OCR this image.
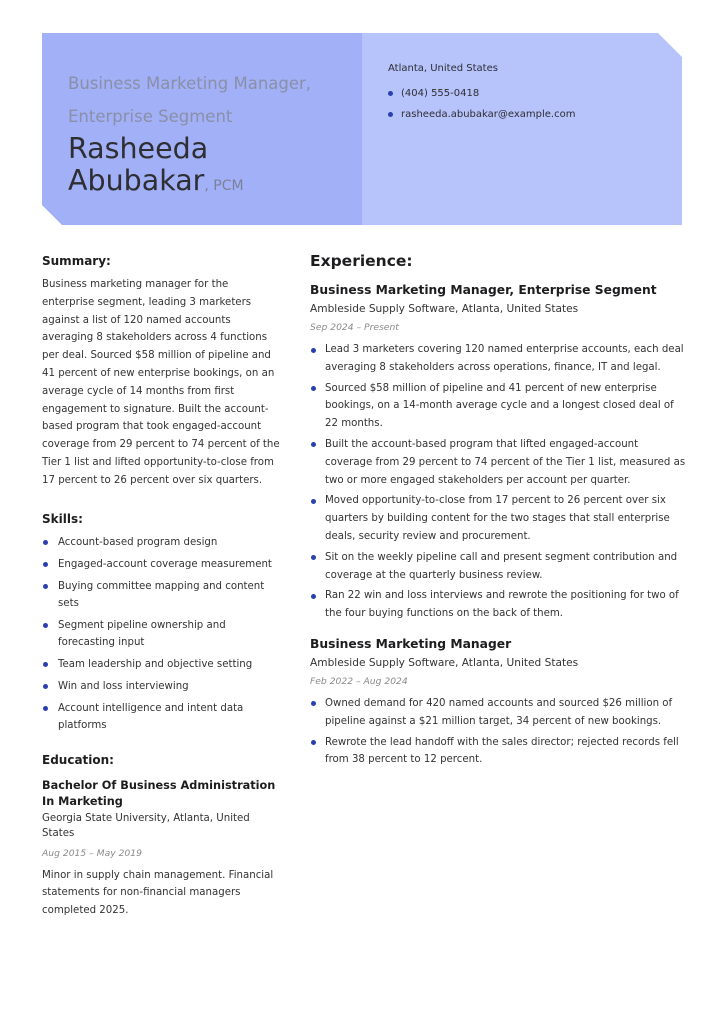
Business Marketing Manager, Enterprise Segment
Rasheeda
Abubakar, PCM
Atlanta, United States
(404) 555-0418
rasheeda.abubakar@example.com
Summary:

Business marketing manager for the enterprise segment, leading 3 marketers against a list of 120 named accounts averaging 8 stakeholders across 4 functions per deal. Sourced $58 million of pipeline and 41 percent of new enterprise bookings, on an average cycle of 14 months from first engagement to signature. Built the account-based program that took engaged-account coverage from 29 percent to 74 percent of the Tier 1 list and lifted opportunity-to-close from 17 percent to 26 percent over six quarters.

Skills:
Account-based program design
Engaged-account coverage measurement
Buying committee mapping and content sets
Segment pipeline ownership and forecasting input
Team leadership and objective setting
Win and loss interviewing
Account intelligence and intent data platforms
Education:
Bachelor Of Business Administration In Marketing
Georgia State University, Atlanta, United States
Aug 2015 – May 2019

Minor in supply chain management. Financial statements for non-financial managers completed 2025.

Experience:
Business Marketing Manager, Enterprise Segment
Ambleside Supply Software, Atlanta, United States
Sep 2024 – Present
Lead 3 marketers covering 120 named enterprise accounts, each deal averaging 8 stakeholders across operations, finance, IT and legal.
Sourced $58 million of pipeline and 41 percent of new enterprise bookings, on a 14-month average cycle and a longest closed deal of 22 months.
Built the account-based program that lifted engaged-account coverage from 29 percent to 74 percent of the Tier 1 list, measured as two or more engaged stakeholders per account per quarter.
Moved opportunity-to-close from 17 percent to 26 percent over six quarters by building content for the two stages that stall enterprise deals, security review and procurement.
Sit on the weekly pipeline call and present segment contribution and coverage at the quarterly business review.
Ran 22 win and loss interviews and rewrote the positioning for two of the four buying functions on the back of them.
Business Marketing Manager
Ambleside Supply Software, Atlanta, United States
Feb 2022 – Aug 2024
Owned demand for 420 named accounts and sourced $26 million of pipeline against a $21 million target, 34 percent of new bookings.
Rewrote the lead handoff with the sales director; rejected records fell from 38 percent to 12 percent.
